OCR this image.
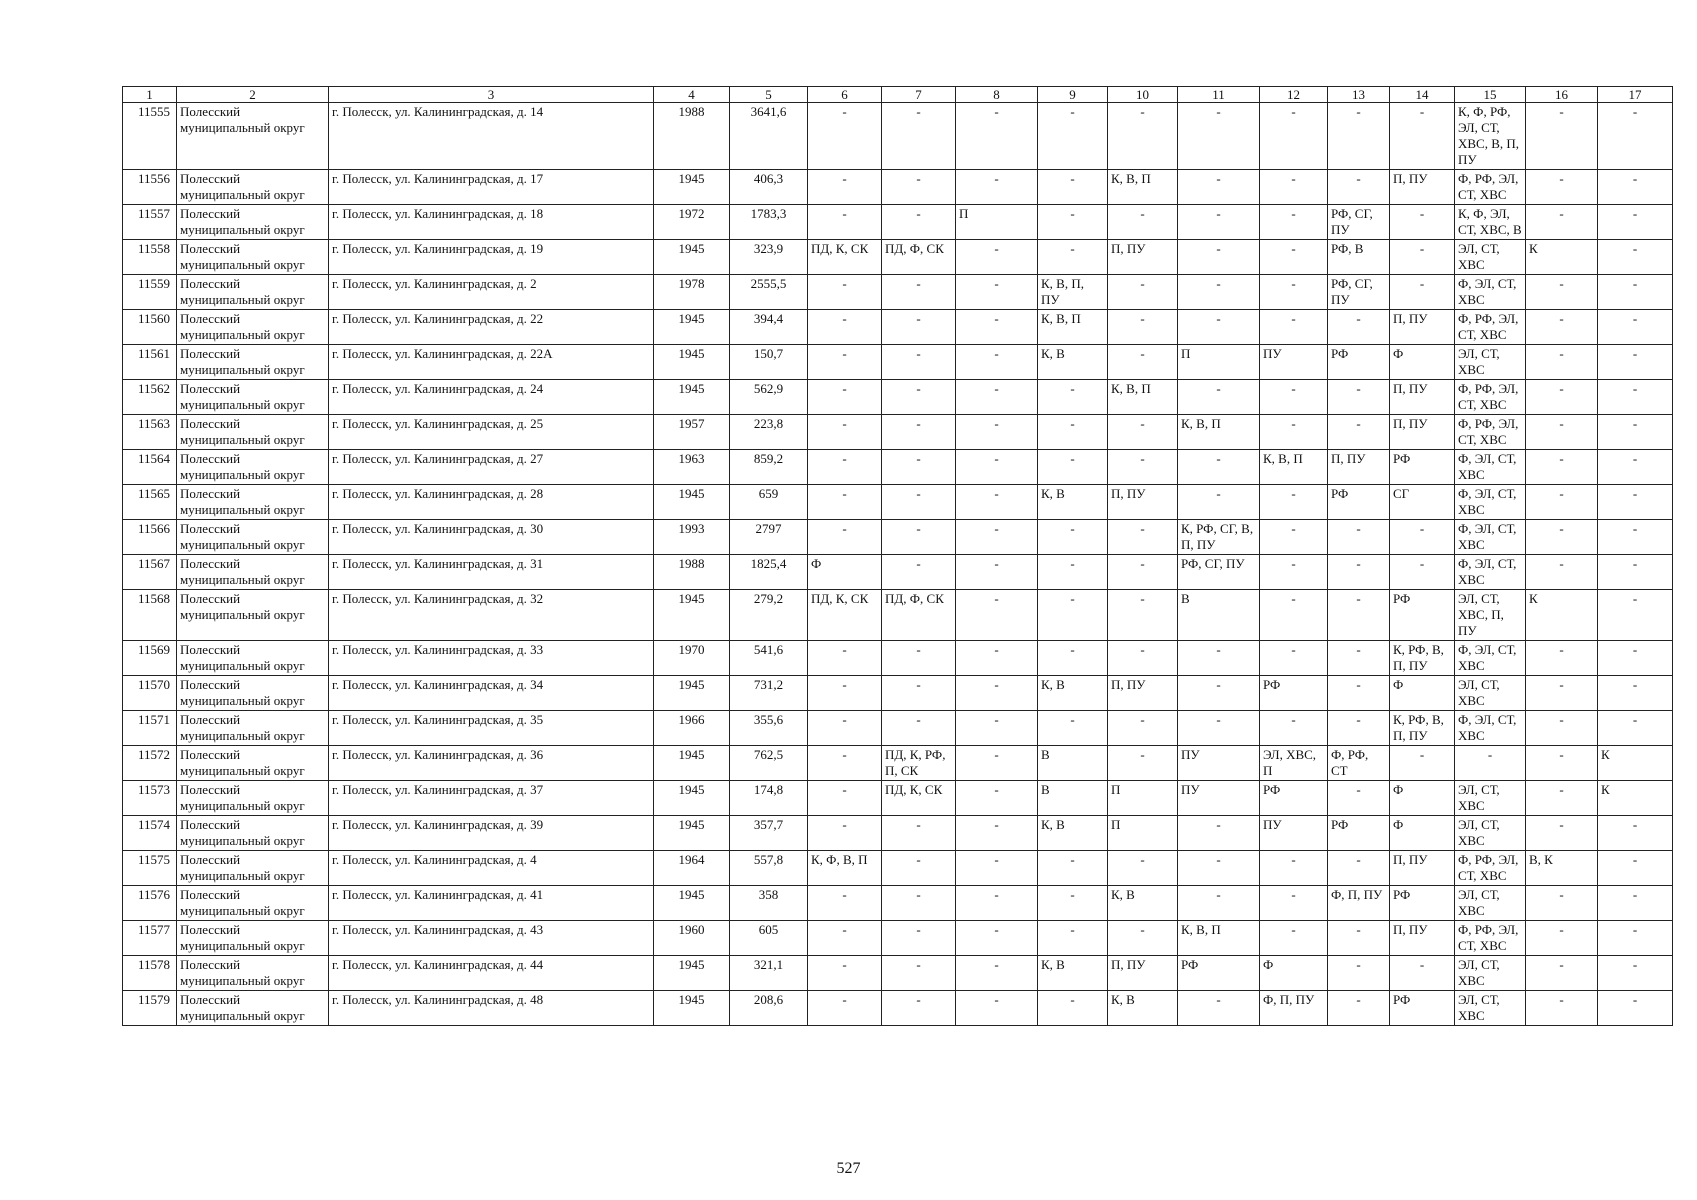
1	2	3	4	5	6	7	8	9	10	11	12	13	14	15	16	17
11555	Полесский муниципальный округ	г. Полесск, ул. Калининградская, д. 14	1988	3641,6	-	-	-	-	-	-	-	-	-	К, Ф, РФ, ЭЛ, СТ, ХВС, В, П, ПУ	-	-
11556	Полесский муниципальный округ	г. Полесск, ул. Калининградская, д. 17	1945	406,3	-	-	-	-	К, В, П	-	-	-	П, ПУ	Ф, РФ, ЭЛ, СТ, ХВС	-	-
11557	Полесский муниципальный округ	г. Полесск, ул. Калининградская, д. 18	1972	1783,3	-	-	П	-	-	-	-	РФ, СГ, ПУ	-	К, Ф, ЭЛ, СТ, ХВС, В	-	-
11558	Полесский муниципальный округ	г. Полесск, ул. Калининградская, д. 19	1945	323,9	ПД, К, СК	ПД, Ф, СК	-	-	П, ПУ	-	-	РФ, В	-	ЭЛ, СТ, ХВС	К	-
11559	Полесский муниципальный округ	г. Полесск, ул. Калининградская, д. 2	1978	2555,5	-	-	-	К, В, П, ПУ	-	-	-	РФ, СГ, ПУ	-	Ф, ЭЛ, СТ, ХВС	-	-
11560	Полесский муниципальный округ	г. Полесск, ул. Калининградская, д. 22	1945	394,4	-	-	-	К, В, П	-	-	-	-	П, ПУ	Ф, РФ, ЭЛ, СТ, ХВС	-	-
11561	Полесский муниципальный округ	г. Полесск, ул. Калининградская, д. 22А	1945	150,7	-	-	-	К, В	-	П	ПУ	РФ	Ф	ЭЛ, СТ, ХВС	-	-
11562	Полесский муниципальный округ	г. Полесск, ул. Калининградская, д. 24	1945	562,9	-	-	-	-	К, В, П	-	-	-	П, ПУ	Ф, РФ, ЭЛ, СТ, ХВС	-	-
11563	Полесский муниципальный округ	г. Полесск, ул. Калининградская, д. 25	1957	223,8	-	-	-	-	-	К, В, П	-	-	П, ПУ	Ф, РФ, ЭЛ, СТ, ХВС	-	-
11564	Полесский муниципальный округ	г. Полесск, ул. Калининградская, д. 27	1963	859,2	-	-	-	-	-	-	К, В, П	П, ПУ	РФ	Ф, ЭЛ, СТ, ХВС	-	-
11565	Полесский муниципальный округ	г. Полесск, ул. Калининградская, д. 28	1945	659	-	-	-	К, В	П, ПУ	-	-	РФ	СГ	Ф, ЭЛ, СТ, ХВС	-	-
11566	Полесский муниципальный округ	г. Полесск, ул. Калининградская, д. 30	1993	2797	-	-	-	-	-	К, РФ, СГ, В, П, ПУ	-	-	-	Ф, ЭЛ, СТ, ХВС	-	-
11567	Полесский муниципальный округ	г. Полесск, ул. Калининградская, д. 31	1988	1825,4	Ф	-	-	-	-	РФ, СГ, ПУ	-	-	-	Ф, ЭЛ, СТ, ХВС	-	-
11568	Полесский муниципальный округ	г. Полесск, ул. Калининградская, д. 32	1945	279,2	ПД, К, СК	ПД, Ф, СК	-	-	-	В	-	-	РФ	ЭЛ, СТ, ХВС, П, ПУ	К	-
11569	Полесский муниципальный округ	г. Полесск, ул. Калининградская, д. 33	1970	541,6	-	-	-	-	-	-	-	-	К, РФ, В, П, ПУ	Ф, ЭЛ, СТ, ХВС	-	-
11570	Полесский муниципальный округ	г. Полесск, ул. Калининградская, д. 34	1945	731,2	-	-	-	К, В	П, ПУ	-	РФ	-	Ф	ЭЛ, СТ, ХВС	-	-
11571	Полесский муниципальный округ	г. Полесск, ул. Калининградская, д. 35	1966	355,6	-	-	-	-	-	-	-	-	К, РФ, В, П, ПУ	Ф, ЭЛ, СТ, ХВС	-	-
11572	Полесский муниципальный округ	г. Полесск, ул. Калининградская, д. 36	1945	762,5	-	ПД, К, РФ, П, СК	-	В	-	ПУ	ЭЛ, ХВС, П	Ф, РФ, СТ	-	-	-	К
11573	Полесский муниципальный округ	г. Полесск, ул. Калининградская, д. 37	1945	174,8	-	ПД, К, СК	-	В	П	ПУ	РФ	-	Ф	ЭЛ, СТ, ХВС	-	К
11574	Полесский муниципальный округ	г. Полесск, ул. Калининградская, д. 39	1945	357,7	-	-	-	К, В	П	-	ПУ	РФ	Ф	ЭЛ, СТ, ХВС	-	-
11575	Полесский муниципальный округ	г. Полесск, ул. Калининградская, д. 4	1964	557,8	К, Ф, В, П	-	-	-	-	-	-	-	П, ПУ	Ф, РФ, ЭЛ, СТ, ХВС	В, К	-
11576	Полесский муниципальный округ	г. Полесск, ул. Калининградская, д. 41	1945	358	-	-	-	-	К, В	-	-	Ф, П, ПУ	РФ	ЭЛ, СТ, ХВС	-	-
11577	Полесский муниципальный округ	г. Полесск, ул. Калининградская, д. 43	1960	605	-	-	-	-	-	К, В, П	-	-	П, ПУ	Ф, РФ, ЭЛ, СТ, ХВС	-	-
11578	Полесский муниципальный округ	г. Полесск, ул. Калининградская, д. 44	1945	321,1	-	-	-	К, В	П, ПУ	РФ	Ф	-	-	ЭЛ, СТ, ХВС	-	-
11579	Полесский муниципальный округ	г. Полесск, ул. Калининградская, д. 48	1945	208,6	-	-	-	-	К, В	-	Ф, П, ПУ	-	РФ	ЭЛ, СТ, ХВС	-	-
527
